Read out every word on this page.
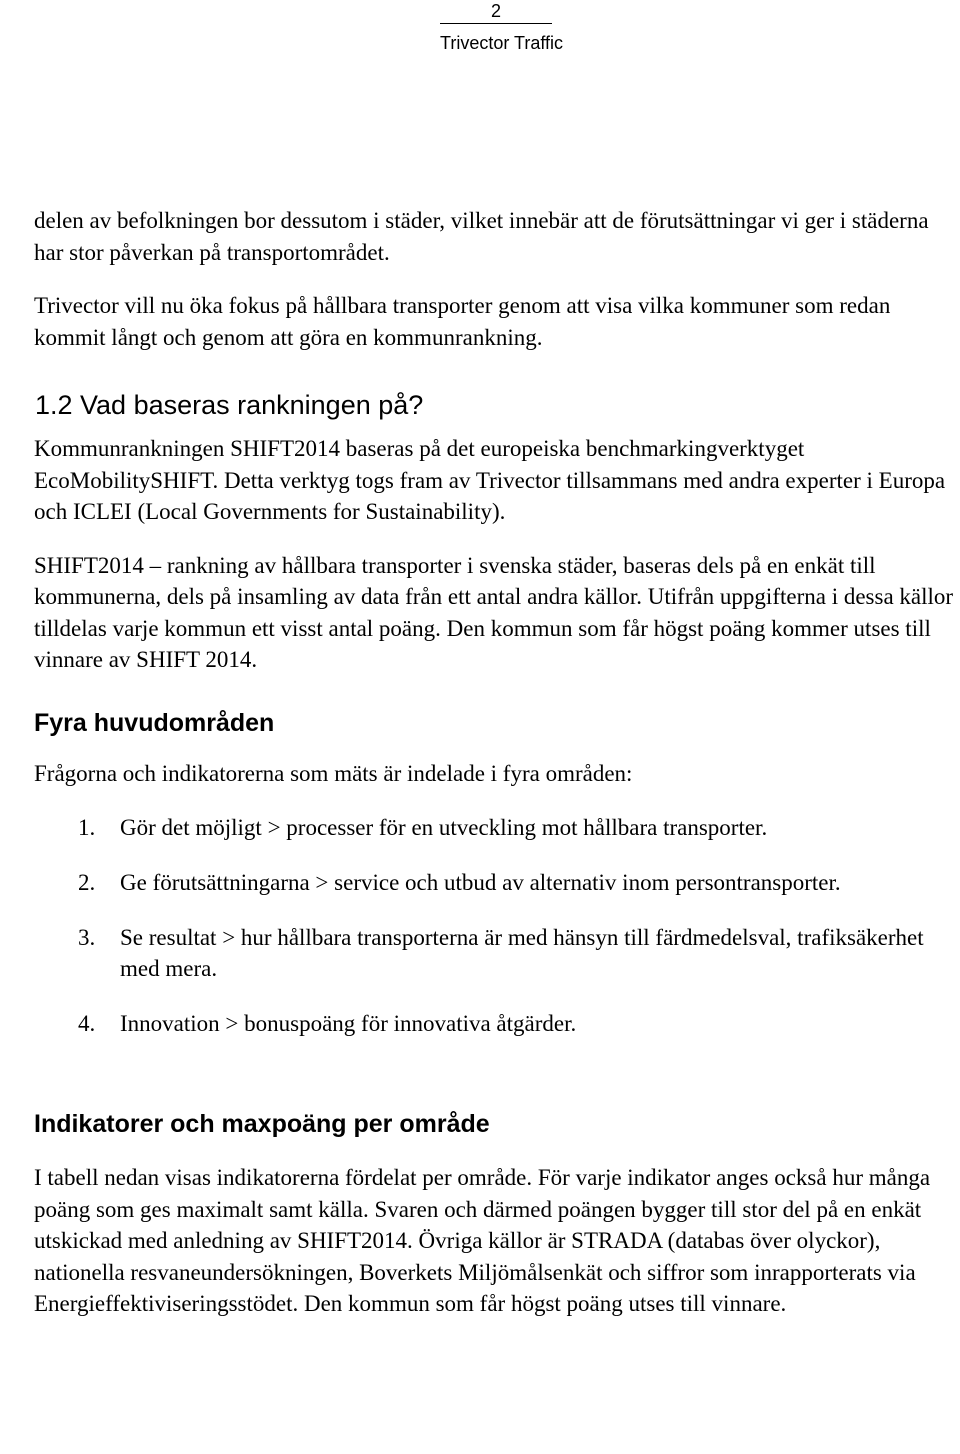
2
Trivector Traffic

delen av befolkningen bor dessutom i städer, vilket innebär att de förutsättningar vi ger i städerna har stor påverkan på transportområdet.

Trivector vill nu öka fokus på hållbara transporter genom att visa vilka kommuner som redan kommit långt och genom att göra en kommunrankning.

1.2 Vad baseras rankningen på?

Kommunrankningen SHIFT2014 baseras på det europeiska benchmarkingverktyget EcoMobilitySHIFT. Detta verktyg togs fram av Trivector tillsammans med andra experter i Europa och ICLEI (Local Governments for Sustainability).

SHIFT2014 – rankning av hållbara transporter i svenska städer, baseras dels på en enkät till kommunerna, dels på insamling av data från ett antal andra källor. Utifrån uppgifterna i dessa källor tilldelas varje kommun ett visst antal poäng. Den kommun som får högst poäng kommer utses till vinnare av SHIFT 2014.

Fyra huvudområden

Frågorna och indikatorerna som mäts är indelade i fyra områden:

1. Gör det möjligt > processer för en utveckling mot hållbara transporter.
2. Ge förutsättningarna > service och utbud av alternativ inom persontransporter.
3. Se resultat > hur hållbara transporterna är med hänsyn till färdmedelsval, trafiksäkerhet med mera.
4. Innovation > bonuspoäng för innovativa åtgärder.
Indikatorer och maxpoäng per område

I tabell nedan visas indikatorerna fördelat per område. För varje indikator anges också hur många poäng som ges maximalt samt källa. Svaren och därmed poängen bygger till stor del på en enkät utskickad med anledning av SHIFT2014. Övriga källor är STRADA (databas över olyckor), nationella resvaneundersökningen, Boverkets Miljömålsenkät och siffror som inrapporterats via Energieffektiviseringsstödet. Den kommun som får högst poäng utses till vinnare.
